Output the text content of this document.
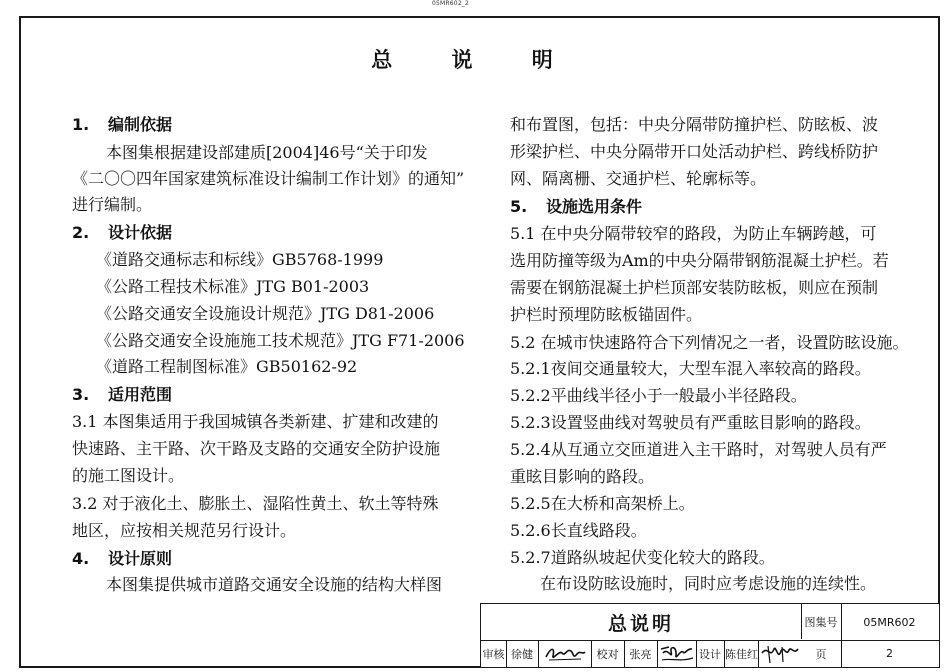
05MR602_2
总 说 明
1. 编制依据
本图集根据建设部建质[2004]46号“关于印发
《二〇〇四年国家建筑标准设计编制工作计划》的通知”
进行编制。
2. 设计依据
《道路交通标志和标线》GB5768-1999
《公路工程技术标准》JTG B01-2003
《公路交通安全设施设计规范》JTG D81-2006
《公路交通安全设施施工技术规范》JTG F71-2006
《道路工程制图标准》GB50162-92
3. 适用范围
3.1 本图集适用于我国城镇各类新建、扩建和改建的
快速路、主干路、次干路及支路的交通安全防护设施
的施工图设计。
3.2 对于液化土、膨胀土、湿陷性黄土、软土等特殊
地区，应按相关规范另行设计。
4. 设计原则
本图集提供城市道路交通安全设施的结构大样图
和布置图，包括：中央分隔带防撞护栏、防眩板、波
形梁护栏、中央分隔带开口处活动护栏、跨线桥防护
网、隔离栅、交通护栏、轮廓标等。
5. 设施选用条件
5.1 在中央分隔带较窄的路段，为防止车辆跨越，可
选用防撞等级为Am的中央分隔带钢筋混凝土护栏。若
需要在钢筋混凝土护栏顶部安装防眩板，则应在预制
护栏时预埋防眩板锚固件。
5.2 在城市快速路符合下列情况之一者，设置防眩设施。
5.2.1夜间交通量较大，大型车混入率较高的路段。
5.2.2平曲线半径小于一般最小半径路段。
5.2.3设置竖曲线对驾驶员有严重眩目影响的路段。
5.2.4从互通立交匝道进入主干路时，对驾驶人员有严
重眩目影响的路段。
5.2.5在大桥和高架桥上。
5.2.6长直线路段。
5.2.7道路纵坡起伏变化较大的路段。
在布设防眩设施时，同时应考虑设施的连续性。
总说明	图集号	05MR602
审核 徐健	校对	张亮	设计 陈佳红	页	2
